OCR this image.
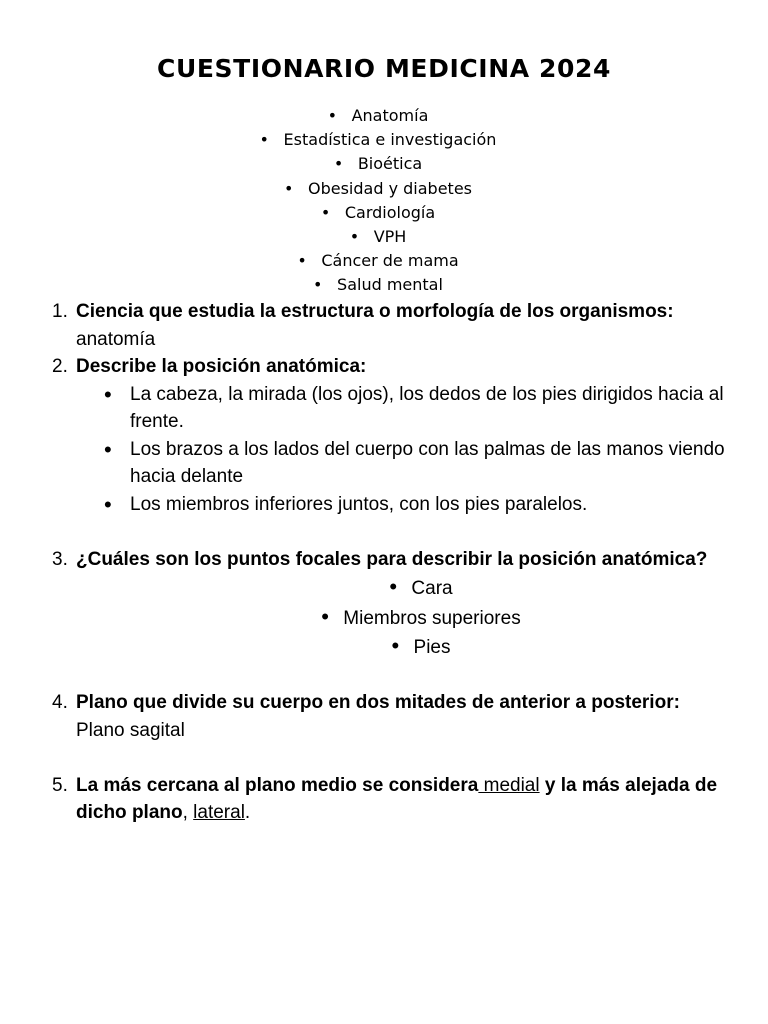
CUESTIONARIO MEDICINA 2024
• Anatomía
• Estadística e investigación
• Bioética
• Obesidad y diabetes
• Cardiología
• VPH
• Cáncer de mama
• Salud mental
1. Ciencia que estudia la estructura o morfología de los organismos:
anatomía
2. Describe la posición anatómica:
• La cabeza, la mirada (los ojos), los dedos de los pies dirigidos hacia al frente.
• Los brazos a los lados del cuerpo con las palmas de las manos viendo hacia delante
• Los miembros inferiores juntos, con los pies paralelos.
3. ¿Cuáles son los puntos focales para describir la posición anatómica?
• Cara
• Miembros superiores
• Pies
4. Plano que divide su cuerpo en dos mitades de anterior a posterior:
Plano sagital
5. La más cercana al plano medio se considera medial y la más alejada de dicho plano, lateral.
